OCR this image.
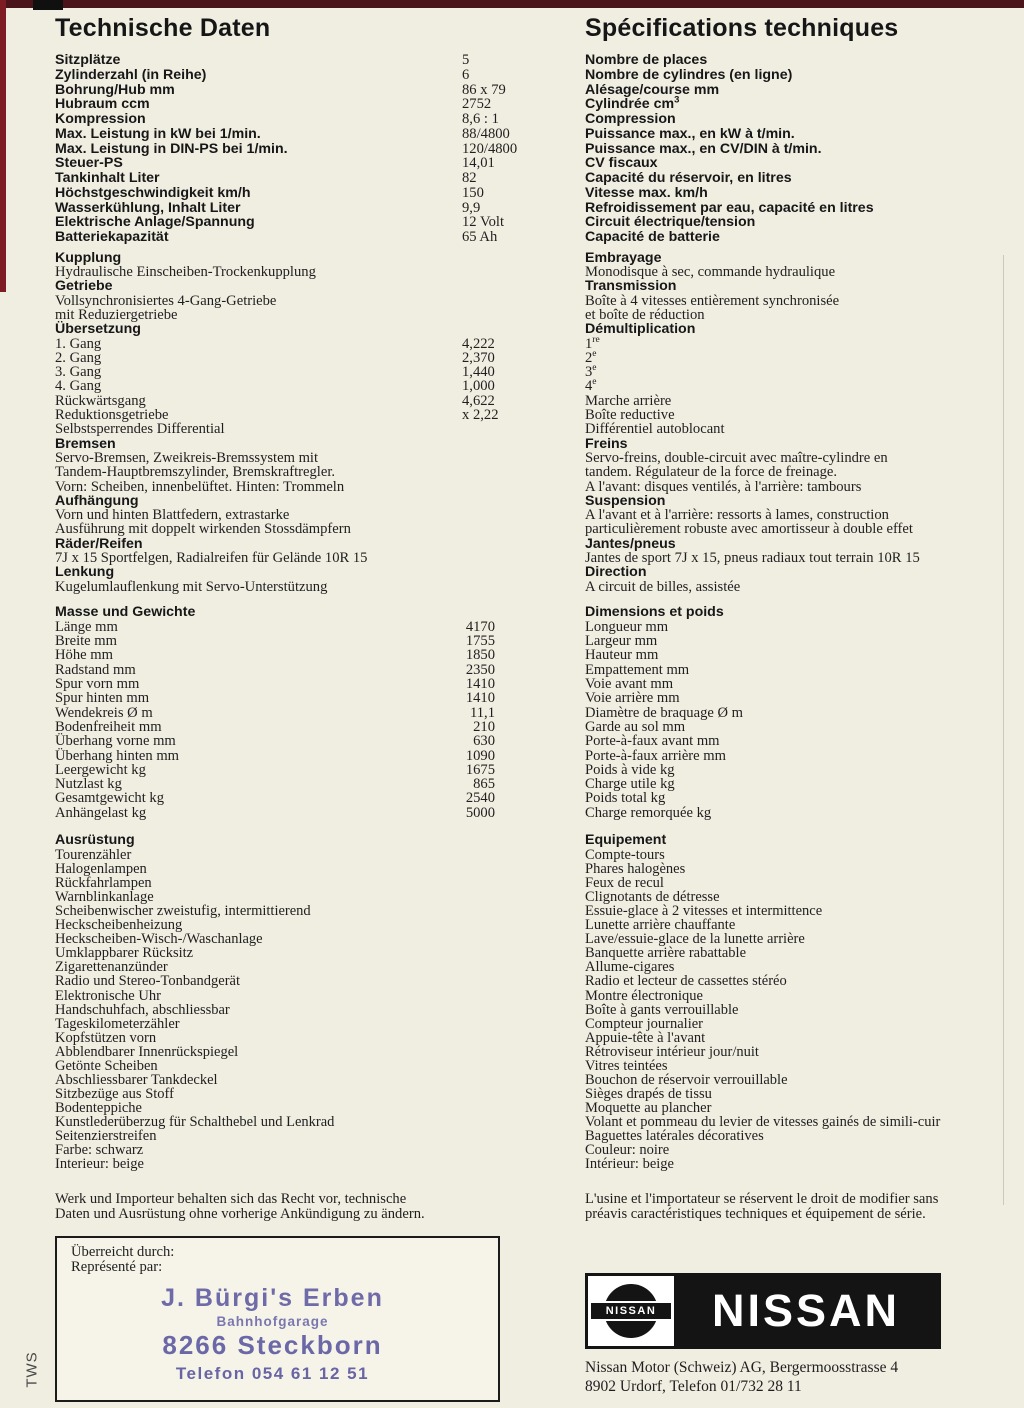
Technische Daten	Spécifications techniques
Sitzplätze	5	Nombre de places
Zylinderzahl (in Reihe)	6	Nombre de cylindres (en ligne)
Bohrung/Hub mm	86 x 79	Alésage/course mm
Hubraum ccm	2752	Cylindrée $cm^3$
Kompression	8,6 : 1	Compression
Max. Leistung in kW bei 1/min.	88/4800	Puissance max., en kW à t/min.
Max. Leistung in DIN-PS bei 1/min.	120/4800	Puissance max., en CV/DIN à t/min.
Steuer-PS	14,01	CV fiscaux
Tankinhalt Liter	82	Capacité du réservoir, en litres
Höchstgeschwindigkeit km/h	150	Vitesse max. km/h
Wasserkühlung, Inhalt Liter	9,9	Refroidissement par eau, capacité en litres
Elektrische Anlage/Spannung	12 Volt	Circuit électrique/tension
Batteriekapazität	65 Ah	Capacité de batterie
Kupplung	Embrayage
Hydraulische Einscheiben-Trockenkupplung	Monodisque à sec, commande hydraulique
Getriebe	Transmission
Vollsynchronisiertes 4-Gang-Getriebe	Boîte à 4 vitesses entièrement synchronisée
mit Reduziergetriebe	et boîte de réduction
Übersetzung	Démultiplication
1. Gang	4,222	1re
2. Gang	2,370	2e
3. Gang	1,440	3e
4. Gang	1,000	4e
Rückwärtsgang	4,622	Marche arrière
Reduktionsgetriebe	x 2,22	Boîte reductive
Selbstsperrendes Differential	Différentiel autoblocant
Bremsen	Freins
Servo-Bremsen, Zweikreis-Bremssystem mit	Servo-freins, double-circuit avec maître-cylindre en
Tandem-Hauptbremszylinder, Bremskraftregler.	tandem. Régulateur de la force de freinage.
Vorn: Scheiben, innenbelüftet. Hinten: Trommeln	A l'avant: disques ventilés, à l'arrière: tambours
Aufhängung	Suspension
Vorn und hinten Blattfedern, extrastarke	A l'avant et à l'arrière: ressorts à lames, construction
Ausführung mit doppelt wirkenden Stossdämpfern	particulièrement robuste avec amortisseur à double effet
Räder/Reifen	Jantes/pneus
7J x 15 Sportfelgen, Radialreifen für Gelände 10R 15	Jantes de sport 7J x 15, pneus radiaux tout terrain 10R 15
Lenkung	Direction
Kugelumlauflenkung mit Servo-Unterstützung	A circuit de billes, assistée
Masse und Gewichte	Dimensions et poids
Länge mm	4170	Longueur mm
Breite mm	1755	Largeur mm
Höhe mm	1850	Hauteur mm
Radstand mm	2350	Empattement mm
Spur vorn mm	1410	Voie avant mm
Spur hinten mm	1410	Voie arrière mm
Wendekreis Ø m	11,1	Diamètre de braquage Ø m
Bodenfreiheit mm	210	Garde au sol mm
Überhang vorne mm	630	Porte-à-faux avant mm
Überhang hinten mm	1090	Porte-à-faux arrière mm
Leergewicht kg	1675	Poids à vide kg
Nutzlast kg	865	Charge utile kg
Gesamtgewicht kg	2540	Poids total kg
Anhängelast kg	5000	Charge remorquée kg
Ausrüstung	Equipement
Tourenzähler	Compte-tours
Halogenlampen	Phares halogènes
Rückfahrlampen	Feux de recul
Warnblinkanlage	Clignotants de détresse
Scheibenwischer zweistufig, intermittierend	Essuie-glace à 2 vitesses et intermittence
Heckscheibenheizung	Lunette arrière chauffante
Heckscheiben-Wisch-/Waschanlage	Lave/essuie-glace de la lunette arrière
Umklappbarer Rücksitz	Banquette arrière rabattable
Zigarettenanzünder	Allume-cigares
Radio und Stereo-Tonbandgerät	Radio et lecteur de cassettes stéréo
Elektronische Uhr	Montre électronique
Handschuhfach, abschliessbar	Boîte à gants verrouillable
Tageskilometerzähler	Compteur journalier
Kopfstützen vorn	Appuie-tête à l'avant
Abblendbarer Innenrückspiegel	Rétroviseur intérieur jour/nuit
Getönte Scheiben	Vitres teintées
Abschliessbarer Tankdeckel	Bouchon de réservoir verrouillable
Sitzbezüge aus Stoff	Sièges drapés de tissu
Bodenteppiche	Moquette au plancher
Kunstlederüberzug für Schalthebel und Lenkrad	Volant et pommeau du levier de vitesses gainés de simili-cuir
Seitenzierstreifen	Baguettes latérales décoratives
Farbe: schwarz	Couleur: noire
Interieur: beige	Intérieur: beige
Werk und Importeur behalten sich das Recht vor, technische
Daten und Ausrüstung ohne vorherige Ankündigung zu ändern.
Überreicht durch:
Représenté par:
J. Bürgi's Erben
Bahnhofgarage
8266 Steckborn
Telefon 054 61 12 51
L'usine et l'importateur se réservent le droit de modifier sans
préavis caractéristiques techniques et équipement de série.
NISSAN	NISSAN
Nissan Motor (Schweiz) AG, Bergermoosstrasse 4
8902 Urdorf, Telefon 01/732 28 11
TWS
